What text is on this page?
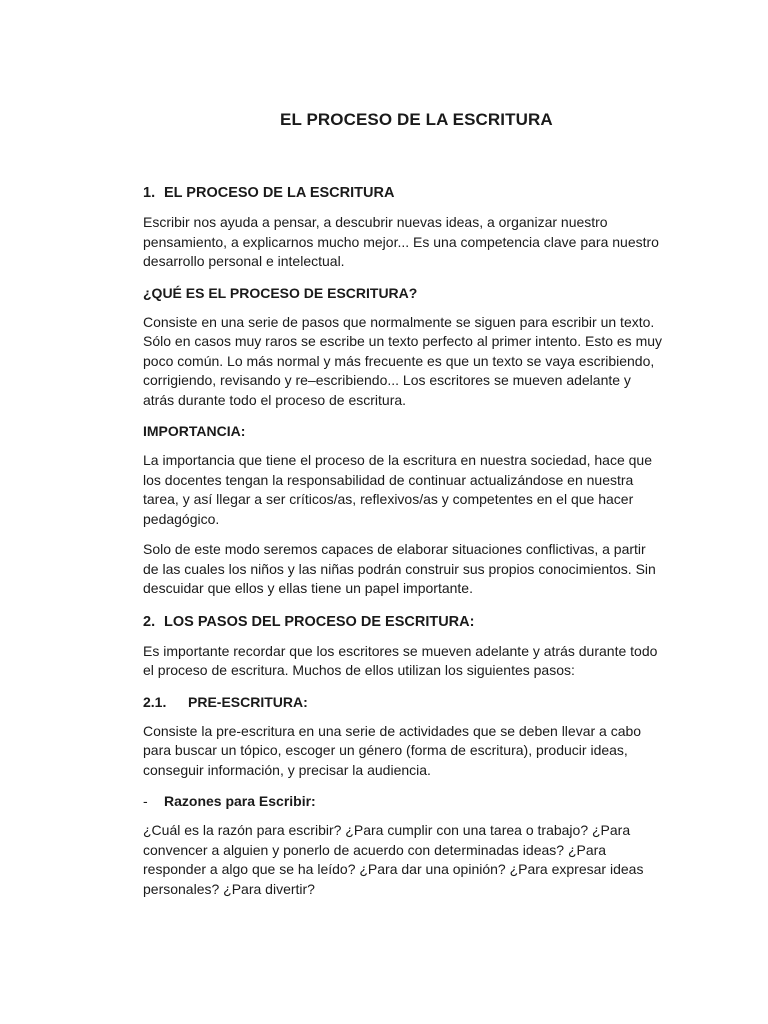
EL PROCESO DE LA ESCRITURA
1. EL PROCESO DE LA ESCRITURA

Escribir nos ayuda a pensar, a descubrir nuevas ideas, a organizar nuestro pensamiento, a explicarnos mucho mejor... Es una competencia clave para nuestro desarrollo personal e intelectual.

¿QUÉ ES EL PROCESO DE ESCRITURA?

Consiste en una serie de pasos que normalmente se siguen para escribir un texto. Sólo en casos muy raros se escribe un texto perfecto al primer intento. Esto es muy poco común. Lo más normal y más frecuente es que un texto se vaya escribiendo, corrigiendo, revisando y re–escribiendo... Los escritores se mueven adelante y atrás durante todo el proceso de escritura.

IMPORTANCIA:

La importancia que tiene el proceso de la escritura en nuestra sociedad, hace que los docentes tengan la responsabilidad de continuar actualizándose en nuestra tarea, y así llegar a ser críticos/as, reflexivos/as y competentes en el que hacer pedagógico.

Solo de este modo seremos capaces de elaborar situaciones conflictivas, a partir de las cuales los niños y las niñas podrán construir sus propios conocimientos. Sin descuidar que ellos y ellas tiene un papel importante.

2. LOS PASOS DEL PROCESO DE ESCRITURA:

Es importante recordar que los escritores se mueven adelante y atrás durante todo el proceso de escritura. Muchos de ellos utilizan los siguientes pasos:

2.1. PRE-ESCRITURA:

Consiste la pre-escritura en una serie de actividades que se deben llevar a cabo para buscar un tópico, escoger un género (forma de escritura), producir ideas, conseguir información, y precisar la audiencia.

- Razones para Escribir:

¿Cuál es la razón para escribir? ¿Para cumplir con una tarea o trabajo? ¿Para convencer a alguien y ponerlo de acuerdo con determinadas ideas? ¿Para responder a algo que se ha leído? ¿Para dar una opinión? ¿Para expresar ideas personales? ¿Para divertir?
